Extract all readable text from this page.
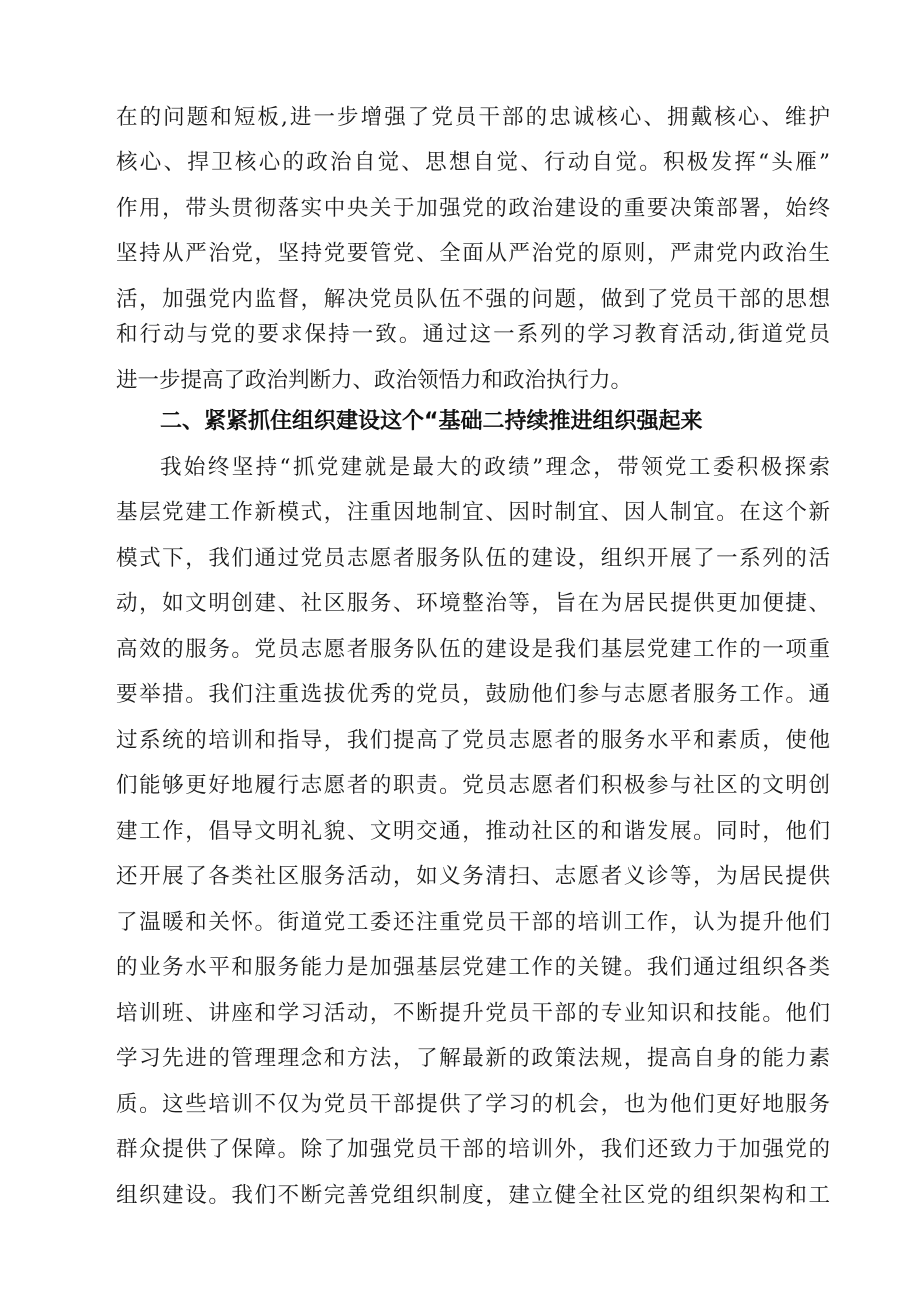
在的问题和短板,进一步增强了党员干部的忠诚核心、拥戴核心、维护
核心、捍卫核心的政治自觉、思想自觉、行动自觉。积极发挥“头雁”
作用，带头贯彻落实中央关于加强党的政治建设的重要决策部署，始终
坚持从严治党，坚持党要管党、全面从严治党的原则，严肃党内政治生
活，加强党内监督，解决党员队伍不强的问题，做到了党员干部的思想
和行动与党的要求保持一致。通过这一系列的学习教育活动,街道党员
进一步提高了政治判断力、政治领悟力和政治执行力。
二、紧紧抓住组织建设这个“基础二持续推进组织强起来
我始终坚持“抓党建就是最大的政绩”理念，带领党工委积极探索
基层党建工作新模式，注重因地制宜、因时制宜、因人制宜。在这个新
模式下，我们通过党员志愿者服务队伍的建设，组织开展了一系列的活
动，如文明创建、社区服务、环境整治等，旨在为居民提供更加便捷、
高效的服务。党员志愿者服务队伍的建设是我们基层党建工作的一项重
要举措。我们注重选拔优秀的党员，鼓励他们参与志愿者服务工作。通
过系统的培训和指导，我们提高了党员志愿者的服务水平和素质，使他
们能够更好地履行志愿者的职责。党员志愿者们积极参与社区的文明创
建工作，倡导文明礼貌、文明交通，推动社区的和谐发展。同时，他们
还开展了各类社区服务活动，如义务清扫、志愿者义诊等，为居民提供
了温暖和关怀。街道党工委还注重党员干部的培训工作，认为提升他们
的业务水平和服务能力是加强基层党建工作的关键。我们通过组织各类
培训班、讲座和学习活动，不断提升党员干部的专业知识和技能。他们
学习先进的管理理念和方法，了解最新的政策法规，提高自身的能力素
质。这些培训不仅为党员干部提供了学习的机会，也为他们更好地服务
群众提供了保障。除了加强党员干部的培训外，我们还致力于加强党的
组织建设。我们不断完善党组织制度，建立健全社区党的组织架构和工
